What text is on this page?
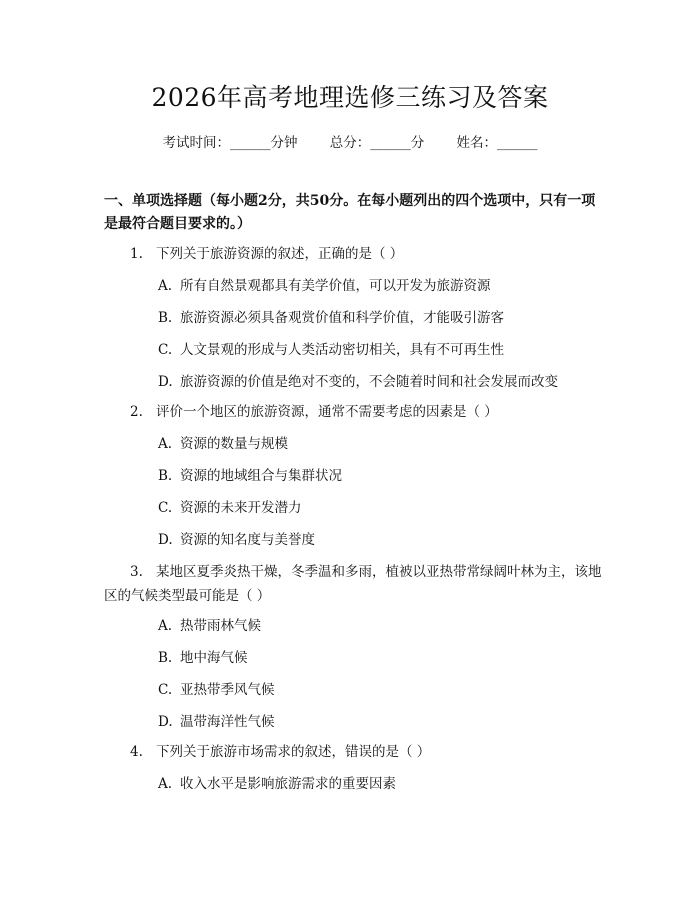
2026年高考地理选修三练习及答案
考试时间：______分钟 总分：______分 姓名：______
一、单项选择题（每小题2分，共50分。在每小题列出的四个选项中，只有一项是最符合题目要求的。）
1. 下列关于旅游资源的叙述，正确的是（ ）
A. 所有自然景观都具有美学价值，可以开发为旅游资源
B. 旅游资源必须具备观赏价值和科学价值，才能吸引游客
C. 人文景观的形成与人类活动密切相关，具有不可再生性
D. 旅游资源的价值是绝对不变的，不会随着时间和社会发展而改变
2. 评价一个地区的旅游资源，通常不需要考虑的因素是（ ）
A. 资源的数量与规模
B. 资源的地域组合与集群状况
C. 资源的未来开发潜力
D. 资源的知名度与美誉度
3. 某地区夏季炎热干燥，冬季温和多雨，植被以亚热带常绿阔叶林为主，该地区的气候类型最可能是（ ）
A. 热带雨林气候
B. 地中海气候
C. 亚热带季风气候
D. 温带海洋性气候
4. 下列关于旅游市场需求的叙述，错误的是（ ）
A. 收入水平是影响旅游需求的重要因素
